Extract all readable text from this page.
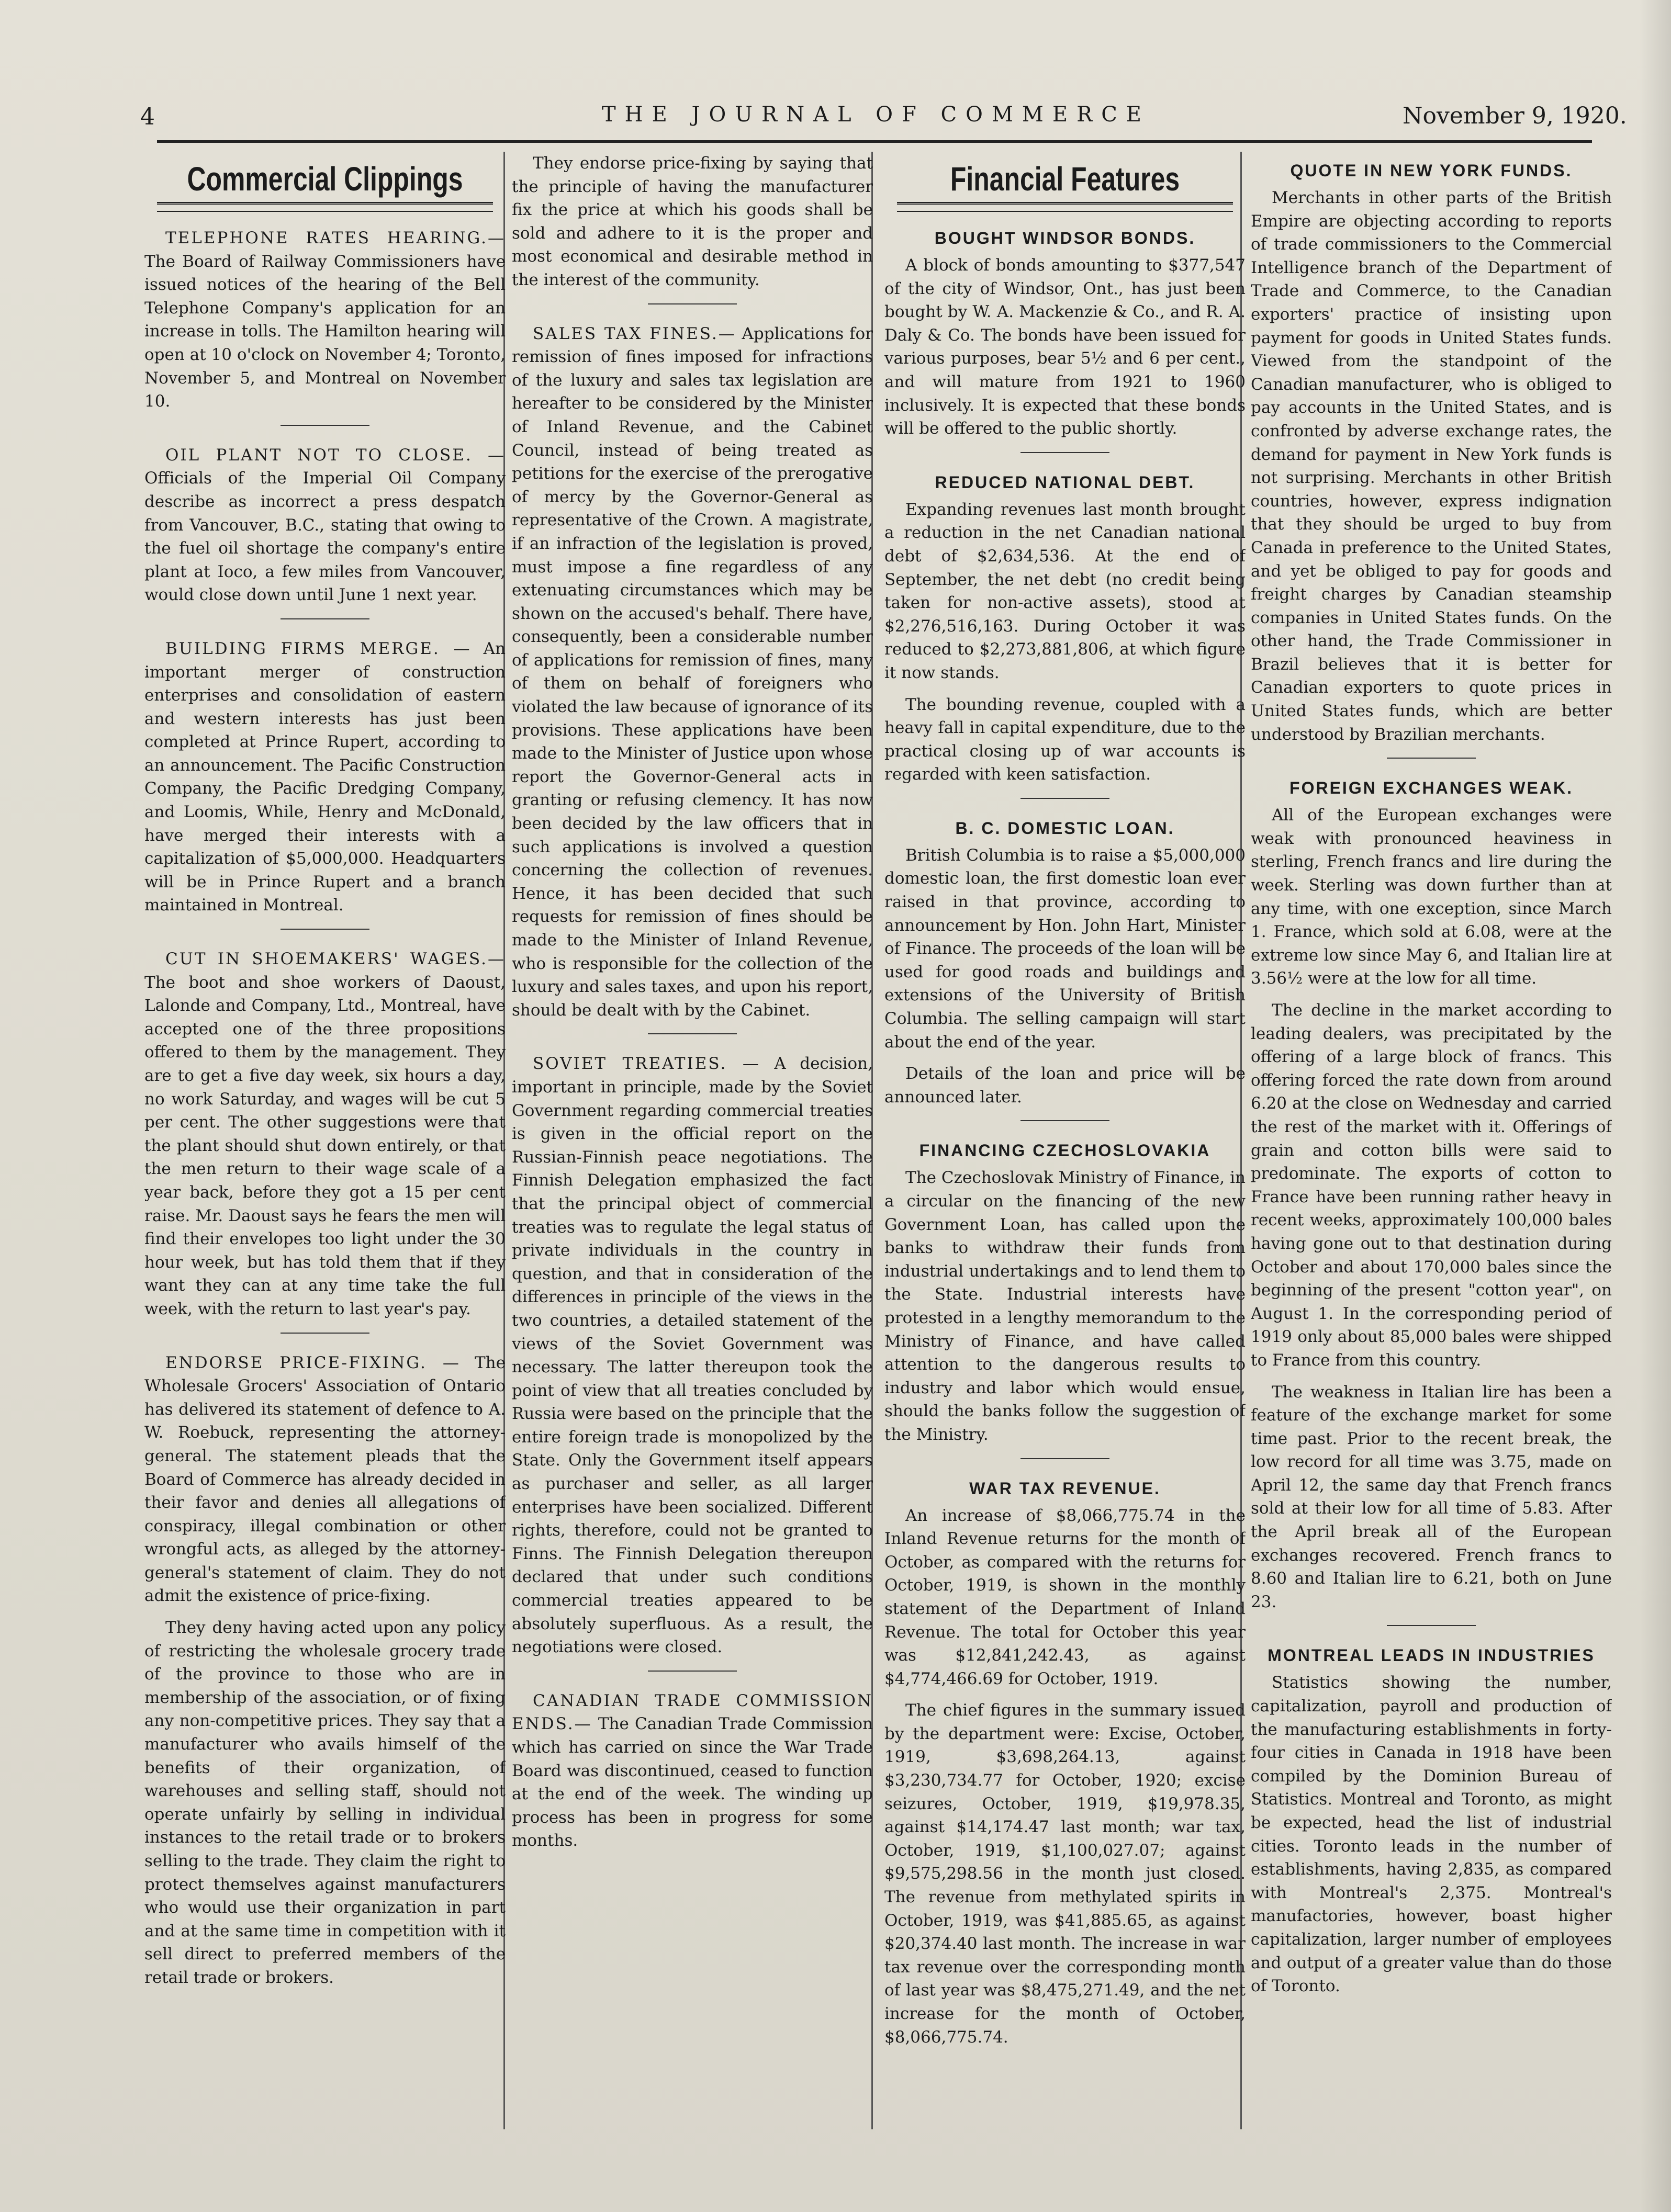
4	THE JOURNAL OF COMMERCE	November 9, 1920.
Commercial Clippings

TELEPHONE RATES HEARING.— The Board of Railway Commissioners have issued notices of the hearing of the Bell Telephone Company's application for an increase in tolls. The Hamilton hearing will open at 10 o'clock on November 4; Toronto, November 5, and Montreal on November 10.

OIL PLANT NOT TO CLOSE. — Officials of the Imperial Oil Company describe as incorrect a press despatch from Vancouver, B.C., stating that owing to the fuel oil shortage the company's entire plant at Ioco, a few miles from Vancouver, would close down until June 1 next year.

BUILDING FIRMS MERGE. — An important merger of construction enterprises and consolidation of eastern and western interests has just been completed at Prince Rupert, according to an announcement. The Pacific Construction Company, the Pacific Dredging Company, and Loomis, While, Henry and McDonald, have merged their interests with a capitalization of $5,000,000. Headquarters will be in Prince Rupert and a branch maintained in Montreal.

CUT IN SHOEMAKERS' WAGES.— The boot and shoe workers of Daoust, Lalonde and Company, Ltd., Montreal, have accepted one of the three propositions offered to them by the management. They are to get a five day week, six hours a day, no work Saturday, and wages will be cut 5 per cent. The other suggestions were that the plant should shut down entirely, or that the men return to their wage scale of a year back, before they got a 15 per cent raise. Mr. Daoust says he fears the men will find their envelopes too light under the 30 hour week, but has told them that if they want they can at any time take the full week, with the return to last year's pay.

ENDORSE PRICE-FIXING. — The Wholesale Grocers' Association of Ontario has delivered its statement of defence to A. W. Roebuck, representing the attorney-general. The statement pleads that the Board of Commerce has already decided in their favor and denies all allegations of conspiracy, illegal combination or other wrongful acts, as alleged by the attorney-general's statement of claim. They do not admit the existence of price-fixing.

They deny having acted upon any policy of restricting the wholesale grocery trade of the province to those who are in membership of the association, or of fixing any non-competitive prices. They say that a manufacturer who avails himself of the benefits of their organization, of warehouses and selling staff, should not operate unfairly by selling in individual instances to the retail trade or to brokers selling to the trade. They claim the right to protect themselves against manufacturers who would use their organization in part and at the same time in competition with it sell direct to preferred members of the retail trade or brokers.

They endorse price-fixing by saying that the principle of having the manufacturer fix the price at which his goods shall be sold and adhere to it is the proper and most economical and desirable method in the interest of the community.

SALES TAX FINES.— Applications for remission of fines imposed for infractions of the luxury and sales tax legislation are hereafter to be considered by the Minister of Inland Revenue, and the Cabinet Council, instead of being treated as petitions for the exercise of the prerogative of mercy by the Governor-General as representative of the Crown. A magistrate, if an infraction of the legislation is proved, must impose a fine regardless of any extenuating circumstances which may be shown on the accused's behalf. There have, consequently, been a considerable number of applications for remission of fines, many of them on behalf of foreigners who violated the law because of ignorance of its provisions. These applications have been made to the Minister of Justice upon whose report the Governor-General acts in granting or refusing clemency. It has now been decided by the law officers that in such applications is involved a question concerning the collection of revenues. Hence, it has been decided that such requests for remission of fines should be made to the Minister of Inland Revenue, who is responsible for the collection of the luxury and sales taxes, and upon his report, should be dealt with by the Cabinet.

SOVIET TREATIES. — A decision, important in principle, made by the Soviet Government regarding commercial treaties is given in the official report on the Russian-Finnish peace negotiations. The Finnish Delegation emphasized the fact that the principal object of commercial treaties was to regulate the legal status of private individuals in the country in question, and that in consideration of the differences in principle of the views in the two countries, a detailed statement of the views of the Soviet Government was necessary. The latter thereupon took the point of view that all treaties concluded by Russia were based on the principle that the entire foreign trade is monopolized by the State. Only the Government itself appears as purchaser and seller, as all larger enterprises have been socialized. Different rights, therefore, could not be granted to Finns. The Finnish Delegation thereupon declared that under such conditions commercial treaties appeared to be absolutely superfluous. As a result, the negotiations were closed.

CANADIAN TRADE COMMISSION ENDS.— The Canadian Trade Commission which has carried on since the War Trade Board was discontinued, ceased to function at the end of the week. The winding up process has been in progress for some months.

Financial Features
BOUGHT WINDSOR BONDS.

A block of bonds amounting to $377,547 of the city of Windsor, Ont., has just been bought by W. A. Mackenzie & Co., and R. A. Daly & Co. The bonds have been issued for various purposes, bear 5½ and 6 per cent., and will mature from 1921 to 1960 inclusively. It is expected that these bonds will be offered to the public shortly.

REDUCED NATIONAL DEBT.

Expanding revenues last month brought a reduction in the net Canadian national debt of $2,634,536. At the end of September, the net debt (no credit being taken for non-active assets), stood at $2,276,516,163. During October it was reduced to $2,273,881,806, at which figure it now stands.

The bounding revenue, coupled with a heavy fall in capital expenditure, due to the practical closing up of war accounts is regarded with keen satisfaction.

B. C. DOMESTIC LOAN.

British Columbia is to raise a $5,000,000 domestic loan, the first domestic loan ever raised in that province, according to announcement by Hon. John Hart, Minister of Finance. The proceeds of the loan will be used for good roads and buildings and extensions of the University of British Columbia. The selling campaign will start about the end of the year.

Details of the loan and price will be announced later.

FINANCING CZECHOSLOVAKIA

The Czechoslovak Ministry of Finance, in a circular on the financing of the new Government Loan, has called upon the banks to withdraw their funds from industrial undertakings and to lend them to the State. Industrial interests have protested in a lengthy memorandum to the Ministry of Finance, and have called attention to the dangerous results to industry and labor which would ensue, should the banks follow the suggestion of the Ministry.

WAR TAX REVENUE.

An increase of $8,066,775.74 in the Inland Revenue returns for the month of October, as compared with the returns for October, 1919, is shown in the monthly statement of the Department of Inland Revenue. The total for October this year was $12,841,242.43, as against $4,774,466.69 for October, 1919.

The chief figures in the summary issued by the department were: Excise, October, 1919, $3,698,264.13, against $3,230,734.77 for October, 1920; excise seizures, October, 1919, $19,978.35, against $14,174.47 last month; war tax, October, 1919, $1,100,027.07; against $9,575,298.56 in the month just closed. The revenue from methylated spirits in October, 1919, was $41,885.65, as against $20,374.40 last month. The increase in war tax revenue over the corresponding month of last year was $8,475,271.49, and the net increase for the month of October, $8,066,775.74.

QUOTE IN NEW YORK FUNDS.

Merchants in other parts of the British Empire are objecting according to reports of trade commissioners to the Commercial Intelligence branch of the Department of Trade and Commerce, to the Canadian exporters' practice of insisting upon payment for goods in United States funds. Viewed from the standpoint of the Canadian manufacturer, who is obliged to pay accounts in the United States, and is confronted by adverse exchange rates, the demand for payment in New York funds is not surprising. Merchants in other British countries, however, express indignation that they should be urged to buy from Canada in preference to the United States, and yet be obliged to pay for goods and freight charges by Canadian steamship companies in United States funds. On the other hand, the Trade Commissioner in Brazil believes that it is better for Canadian exporters to quote prices in United States funds, which are better understood by Brazilian merchants.

FOREIGN EXCHANGES WEAK.

All of the European exchanges were weak with pronounced heaviness in sterling, French francs and lire during the week. Sterling was down further than at any time, with one exception, since March 1. France, which sold at 6.08, were at the extreme low since May 6, and Italian lire at 3.56½ were at the low for all time.

The decline in the market according to leading dealers, was precipitated by the offering of a large block of francs. This offering forced the rate down from around 6.20 at the close on Wednesday and carried the rest of the market with it. Offerings of grain and cotton bills were said to predominate. The exports of cotton to France have been running rather heavy in recent weeks, approximately 100,000 bales having gone out to that destination during October and about 170,000 bales since the beginning of the present "cotton year", on August 1. In the corresponding period of 1919 only about 85,000 bales were shipped to France from this country.

The weakness in Italian lire has been a feature of the exchange market for some time past. Prior to the recent break, the low record for all time was 3.75, made on April 12, the same day that French francs sold at their low for all time of 5.83. After the April break all of the European exchanges recovered. French francs to 8.60 and Italian lire to 6.21, both on June 23.

MONTREAL LEADS IN INDUSTRIES

Statistics showing the number, capitalization, payroll and production of the manufacturing establishments in forty-four cities in Canada in 1918 have been compiled by the Dominion Bureau of Statistics. Montreal and Toronto, as might be expected, head the list of industrial cities. Toronto leads in the number of establishments, having 2,835, as compared with Montreal's 2,375. Montreal's manufactories, however, boast higher capitalization, larger number of employees and output of a greater value than do those of Toronto.
